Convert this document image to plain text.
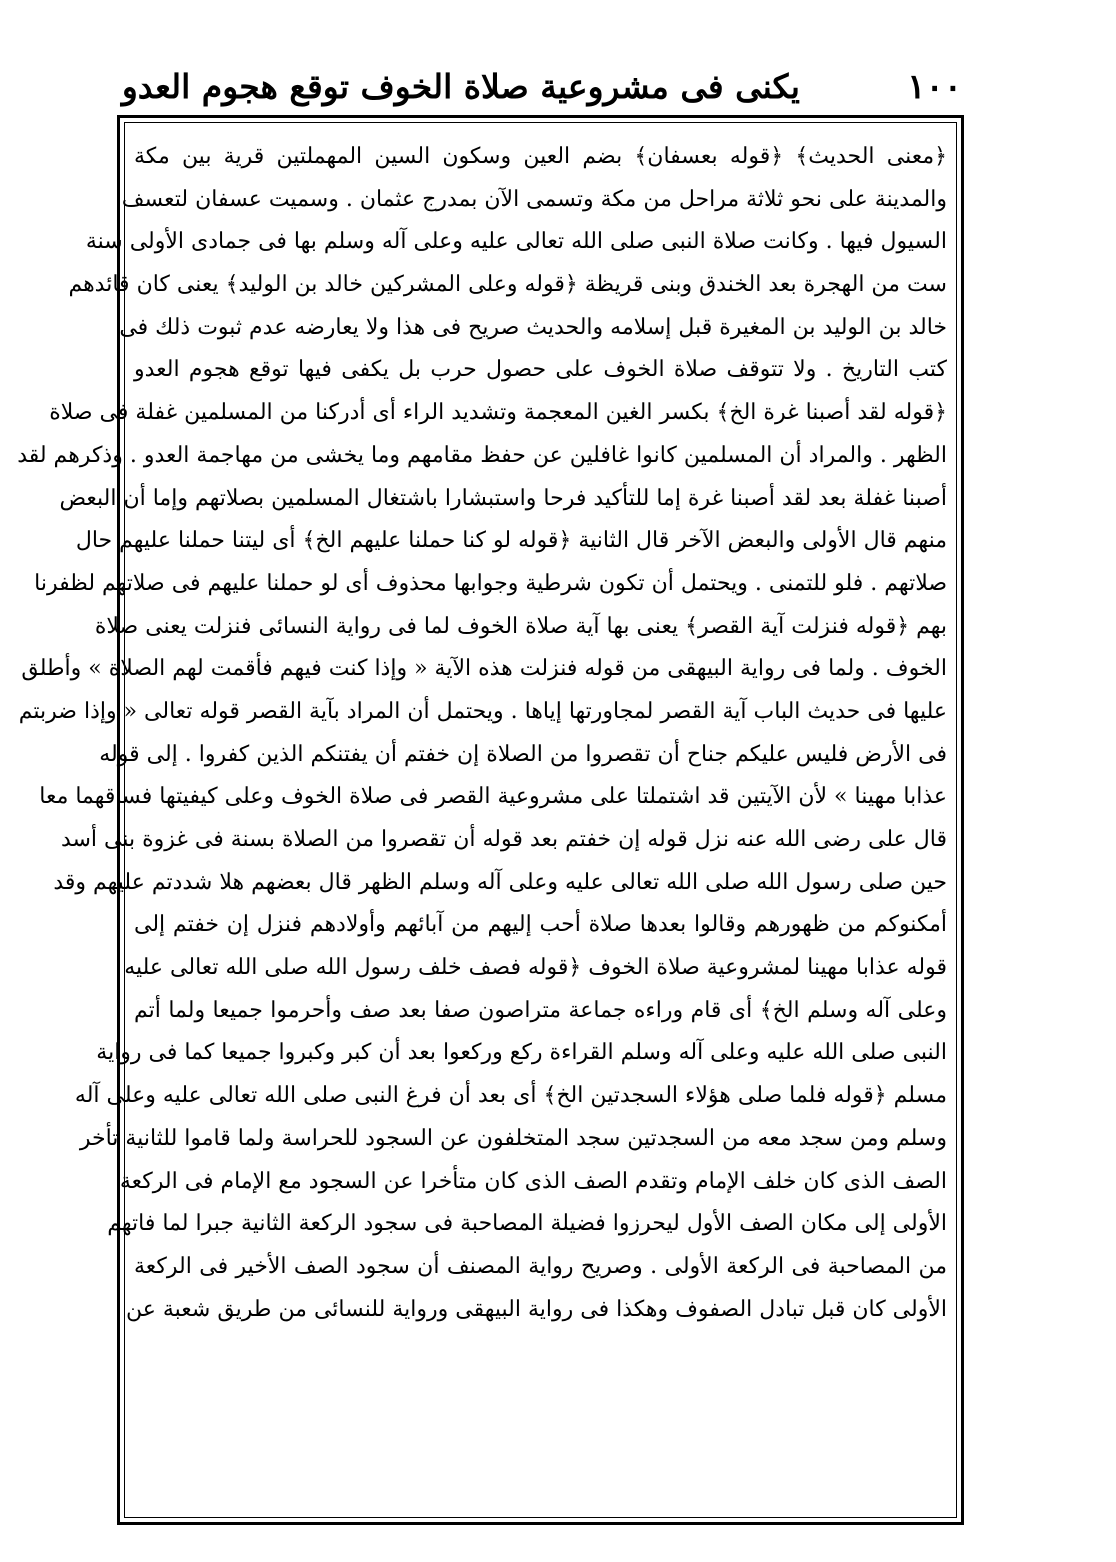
١٠٠
يكنى فى مشروعية صلاة الخوف توقع هجوم العدو
﴿معنى الحديث﴾ ﴿قوله بعسفان﴾ بضم العين وسكون السين المهملتين قرية بين مكة
والمدينة على نحو ثلاثة مراحل من مكة وتسمى الآن بمدرج عثمان . وسميت عسفان لتعسف
السيول فيها . وكانت صلاة النبى صلى الله تعالى عليه وعلى آله وسلم بها فى جمادى الأولى سنة
ست من الهجرة بعد الخندق وبنى قريظة ﴿قوله وعلى المشركين خالد بن الوليد﴾ يعنى كان قائدهم
خالد بن الوليد بن المغيرة قبل إسلامه والحديث صريح فى هذا ولا يعارضه عدم ثبوت ذلك فى
كتب التاريخ . ولا تتوقف صلاة الخوف على حصول حرب بل يكفى فيها توقع هجوم العدو
﴿قوله لقد أصبنا غرة الخ﴾ بكسر الغين المعجمة وتشديد الراء أى أدركنا من المسلمين غفلة فى صلاة
الظهر . والمراد أن المسلمين كانوا غافلين عن حفظ مقامهم وما يخشى من مهاجمة العدو . وذكرهم لقد
أصبنا غفلة بعد لقد أصبنا غرة إما للتأكيد فرحا واستبشارا باشتغال المسلمين بصلاتهم وإما أن البعض
منهم قال الأولى والبعض الآخر قال الثانية ﴿قوله لو كنا حملنا عليهم الخ﴾ أى ليتنا حملنا عليهم حال
صلاتهم . فلو للتمنى . ويحتمل أن تكون شرطية وجوابها محذوف أى لو حملنا عليهم فى صلاتهم لظفرنا
بهم ﴿قوله فنزلت آية القصر﴾ يعنى بها آية صلاة الخوف لما فى رواية النسائى فنزلت يعنى صلاة
الخوف . ولما فى رواية البيهقى من قوله فنزلت هذه الآية « وإذا كنت فيهم فأقمت لهم الصلاة » وأطلق
عليها فى حديث الباب آية القصر لمجاورتها إياها . ويحتمل أن المراد بآية القصر قوله تعالى « وإذا ضربتم
فى الأرض فليس عليكم جناح أن تقصروا من الصلاة إن خفتم أن يفتنكم الذين كفروا . إلى قوله
عذابا مهينا » لأن الآيتين قد اشتملتا على مشروعية القصر فى صلاة الخوف وعلى كيفيتها فساقهما معا
قال على رضى الله عنه نزل قوله إن خفتم بعد قوله أن تقصروا من الصلاة بسنة فى غزوة بنى أسد
حين صلى رسول الله صلى الله تعالى عليه وعلى آله وسلم الظهر قال بعضهم هلا شددتم عليهم وقد
أمكنوكم من ظهورهم وقالوا بعدها صلاة أحب إليهم من آبائهم وأولادهم فنزل إن خفتم إلى
قوله عذابا مهينا لمشروعية صلاة الخوف ﴿قوله فصف خلف رسول الله صلى الله تعالى عليه
وعلى آله وسلم الخ﴾ أى قام وراءه جماعة متراصون صفا بعد صف وأحرموا جميعا ولما أتم
النبى صلى الله عليه وعلى آله وسلم القراءة ركع وركعوا بعد أن كبر وكبروا جميعا كما فى رواية
مسلم ﴿قوله فلما صلى هؤلاء السجدتين الخ﴾ أى بعد أن فرغ النبى صلى الله تعالى عليه وعلى آله
وسلم ومن سجد معه من السجدتين سجد المتخلفون عن السجود للحراسة ولما قاموا للثانية تأخر
الصف الذى كان خلف الإمام وتقدم الصف الذى كان متأخرا عن السجود مع الإمام فى الركعة
الأولى إلى مكان الصف الأول ليحرزوا فضيلة المصاحبة فى سجود الركعة الثانية جبرا لما فاتهم
من المصاحبة فى الركعة الأولى . وصريح رواية المصنف أن سجود الصف الأخير فى الركعة
الأولى كان قبل تبادل الصفوف وهكذا فى رواية البيهقى ورواية للنسائى من طريق شعبة عن
